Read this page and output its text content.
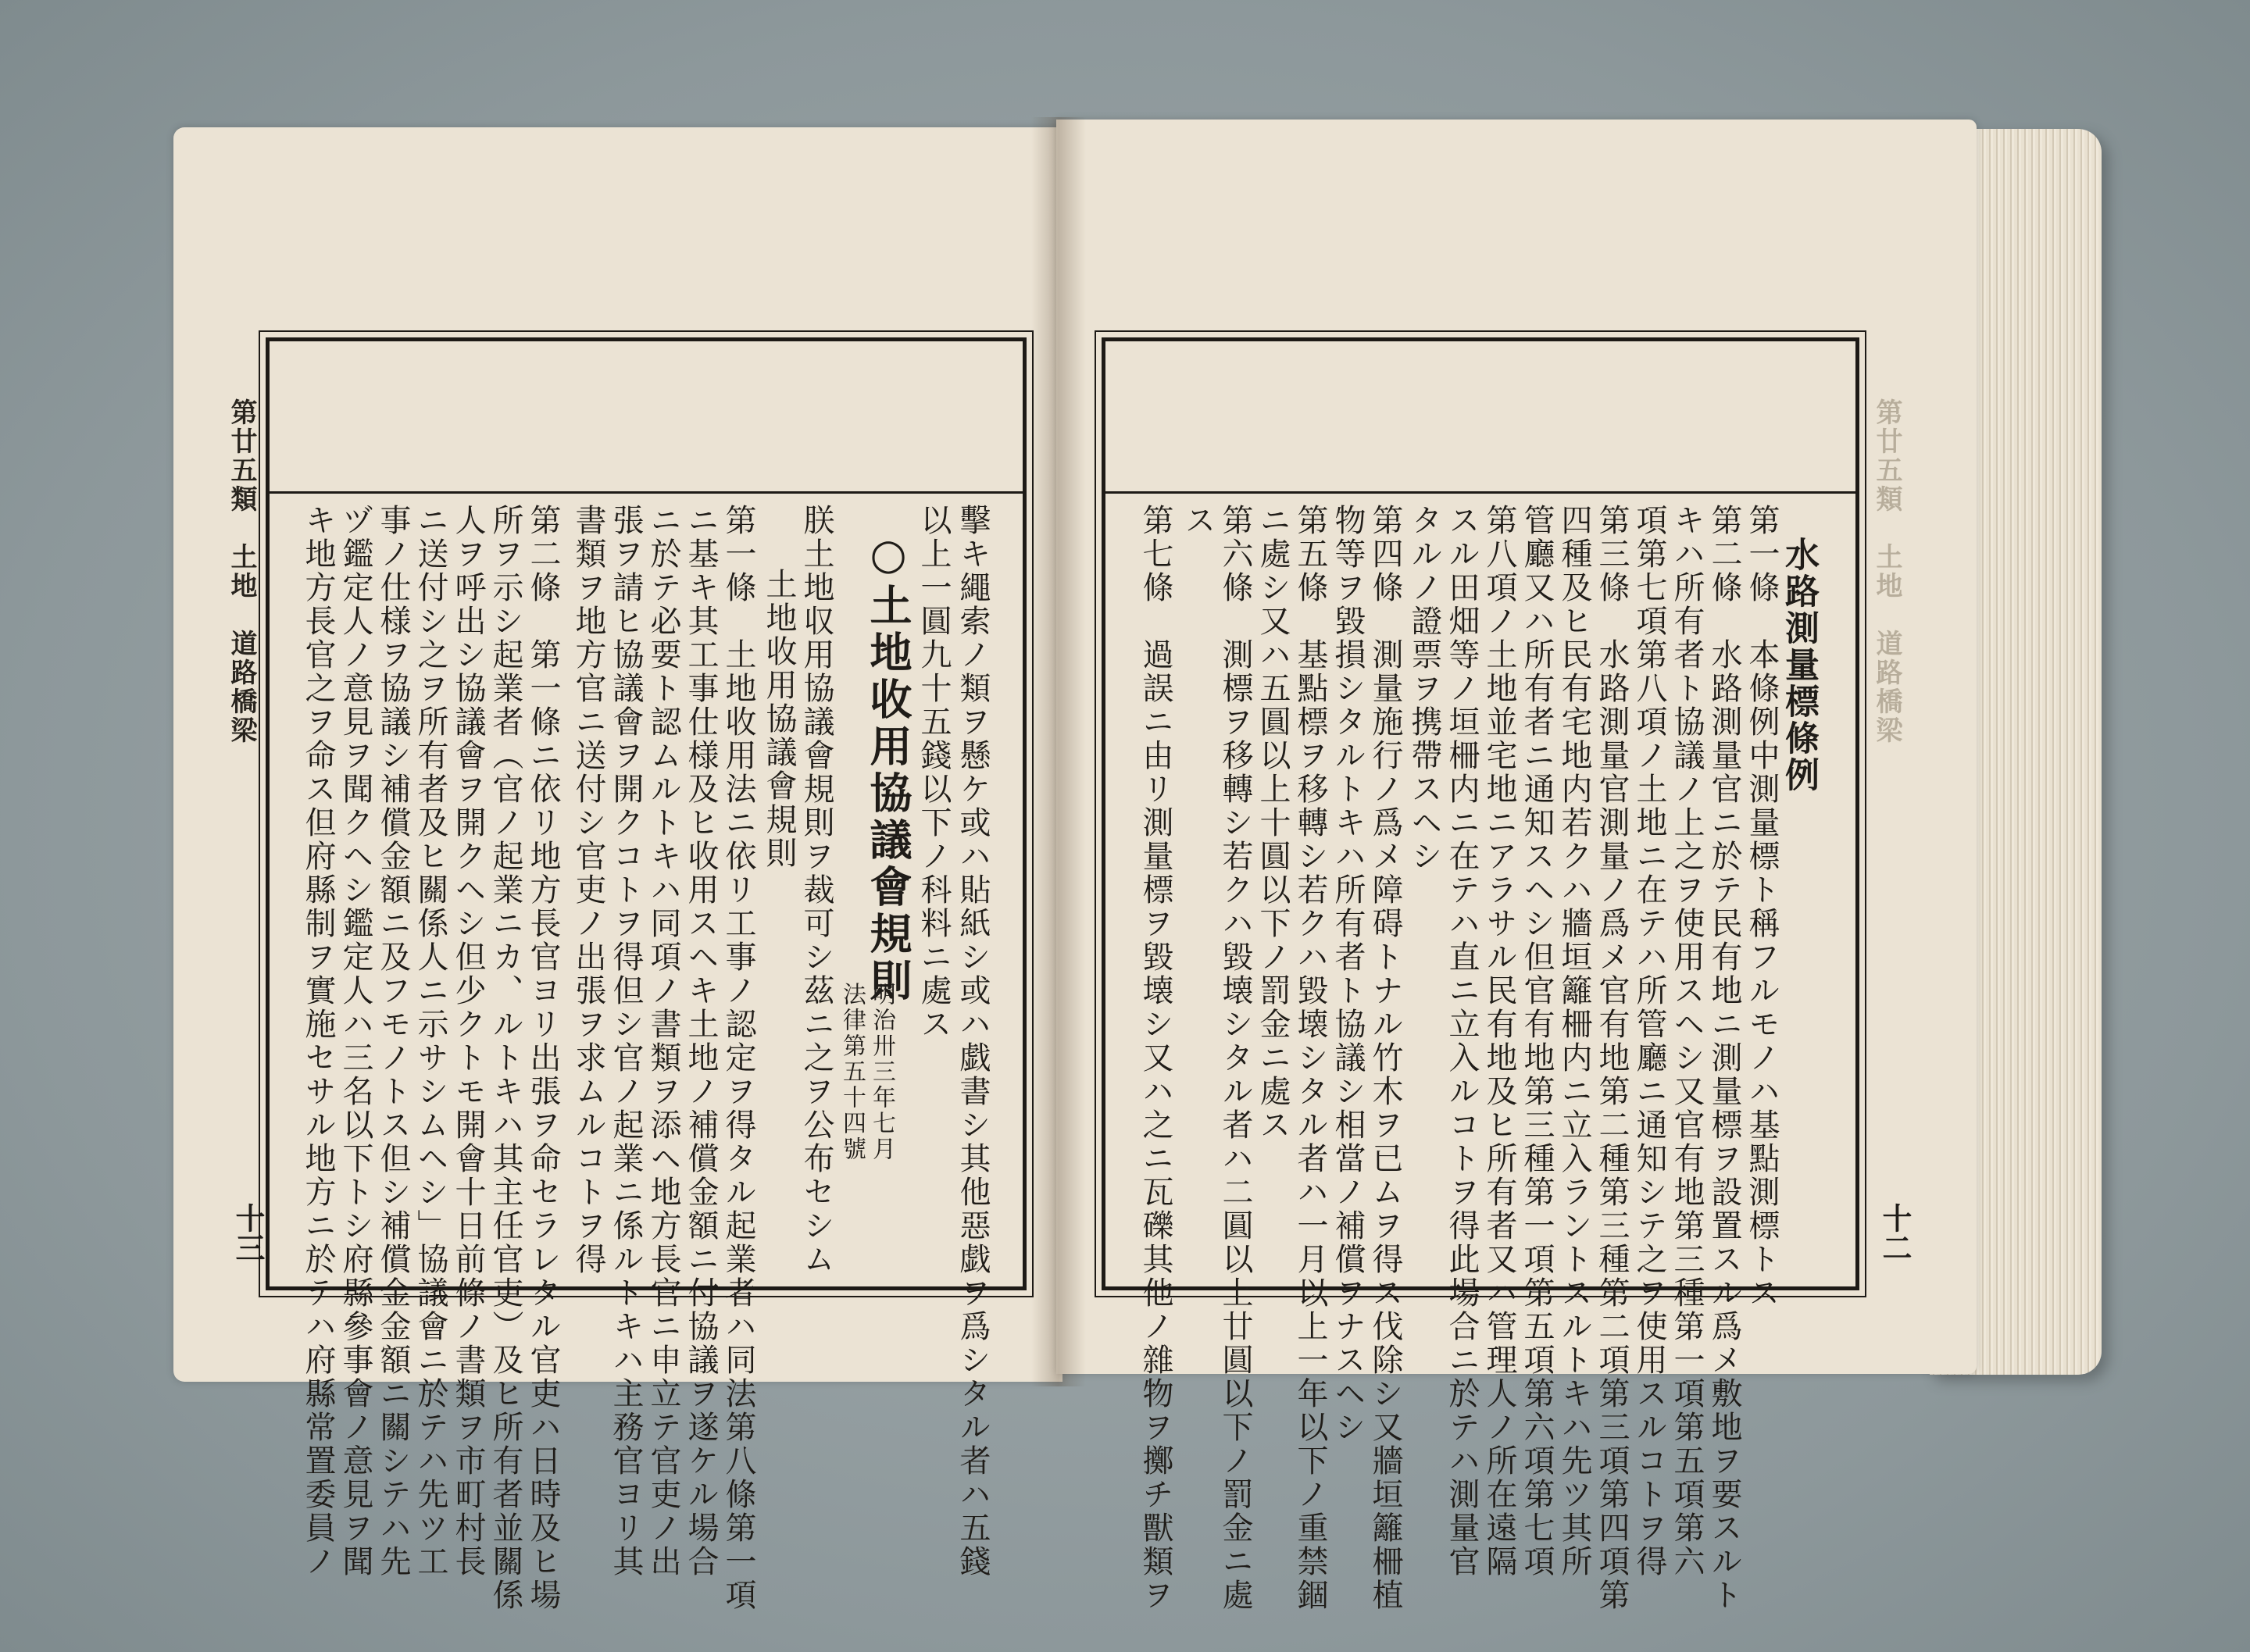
第廿五類　土地　道路橋梁
十三
第廿五類　土地　道路橋梁
十二
擊キ繩索ノ類ヲ懸ケ或ハ貼紙シ或ハ戯書シ其他惡戯ヲ爲シタル者ハ五錢
以上一圓九十五錢以下ノ科料ニ處ス
○土地收用協議會規則
明治卅三年七月
法律第五十四號
朕土地収用協議會規則ヲ裁可シ茲ニ之ヲ公布セシム
土地收用協議會規則
第一條　土地收用法ニ依リ工事ノ認定ヲ得タル起業者ハ同法第八條第一項
ニ基キ其工事仕様及ヒ收用スヘキ土地ノ補償金額ニ付協議ヲ遂ケル場合
ニ於テ必要ト認ムルトキハ同項ノ書類ヲ添ヘ地方長官ニ申立テ官吏ノ出
張ヲ請ヒ協議會ヲ開クコトヲ得但シ官ノ起業ニ係ルトキハ主務官ヨリ其
書類ヲ地方官ニ送付シ官吏ノ出張ヲ求ムルコトヲ得
第二條　第一條ニ依リ地方長官ヨリ出張ヲ命セラレタル官吏ハ日時及ヒ場
所ヲ示シ起業者（官ノ起業ニカ、ルトキハ其主任官吏）及ヒ所有者並關係
人ヲ呼出シ協議會ヲ開クヘシ但少クトモ開會十日前條ノ書類ヲ市町村長
ニ送付シ之ヲ所有者及ヒ關係人ニ示サシムヘシ」協議會ニ於テハ先ツ工
事ノ仕様ヲ協議シ補償金額ニ及フモノトス但シ補償金金額ニ關シテハ先
ヅ鑑定人ノ意見ヲ聞クヘシ鑑定人ハ三名以下トシ府縣參事會ノ意見ヲ聞
キ地方長官之ヲ命ス但府縣制ヲ實施セサル地方ニ於テハ府縣常置委員ノ	水路測量標條例
第一條　本條例中測量標ト稱フルモノハ基點測標トス
第二條　水路測量官ニ於テ民有地ニ測量標ヲ設置スル爲メ敷地ヲ要スルト
キハ所有者ト協議ノ上之ヲ使用スヘシ又官有地第三種第一項第五項第六
項第七項第八項ノ土地ニ在テハ所管廳ニ通知シテ之ヲ使用スルコトヲ得
第三條　水路測量官測量ノ爲メ官有地第二種第三種第二項第三項第四項第
四種及ヒ民有宅地内若クハ牆垣籬柵内ニ立入ラントスルトキハ先ツ其所
管廳又ハ所有者ニ通知スヘシ但官有地第三種第一項第五項第六項第七項
第八項ノ土地並宅地ニアラサル民有地及ヒ所有者又ハ管理人ノ所在遠隔
スル田畑等ノ垣柵内ニ在テハ直ニ立入ルコトヲ得此場合ニ於テハ測量官
タルノ證票ヲ携帶スヘシ
第四條　測量施行ノ爲メ障碍トナル竹木ヲ已ムヲ得ス伐除シ又牆垣籬柵植
物等ヲ毀損シタルトキハ所有者ト協議シ相當ノ補償ヲナスヘシ
第五條　基點標ヲ移轉シ若クハ毀壊シタル者ハ一月以上一年以下ノ重禁錮
ニ處シ又ハ五圓以上十圓以下ノ罰金ニ處ス
第六條　測標ヲ移轉シ若クハ毀壊シタル者ハ二圓以上廿圓以下ノ罰金ニ處
ス
第七條　過誤ニ由リ測量標ヲ毀壊シ又ハ之ニ瓦礫其他ノ雜物ヲ擲チ獸類ヲ
